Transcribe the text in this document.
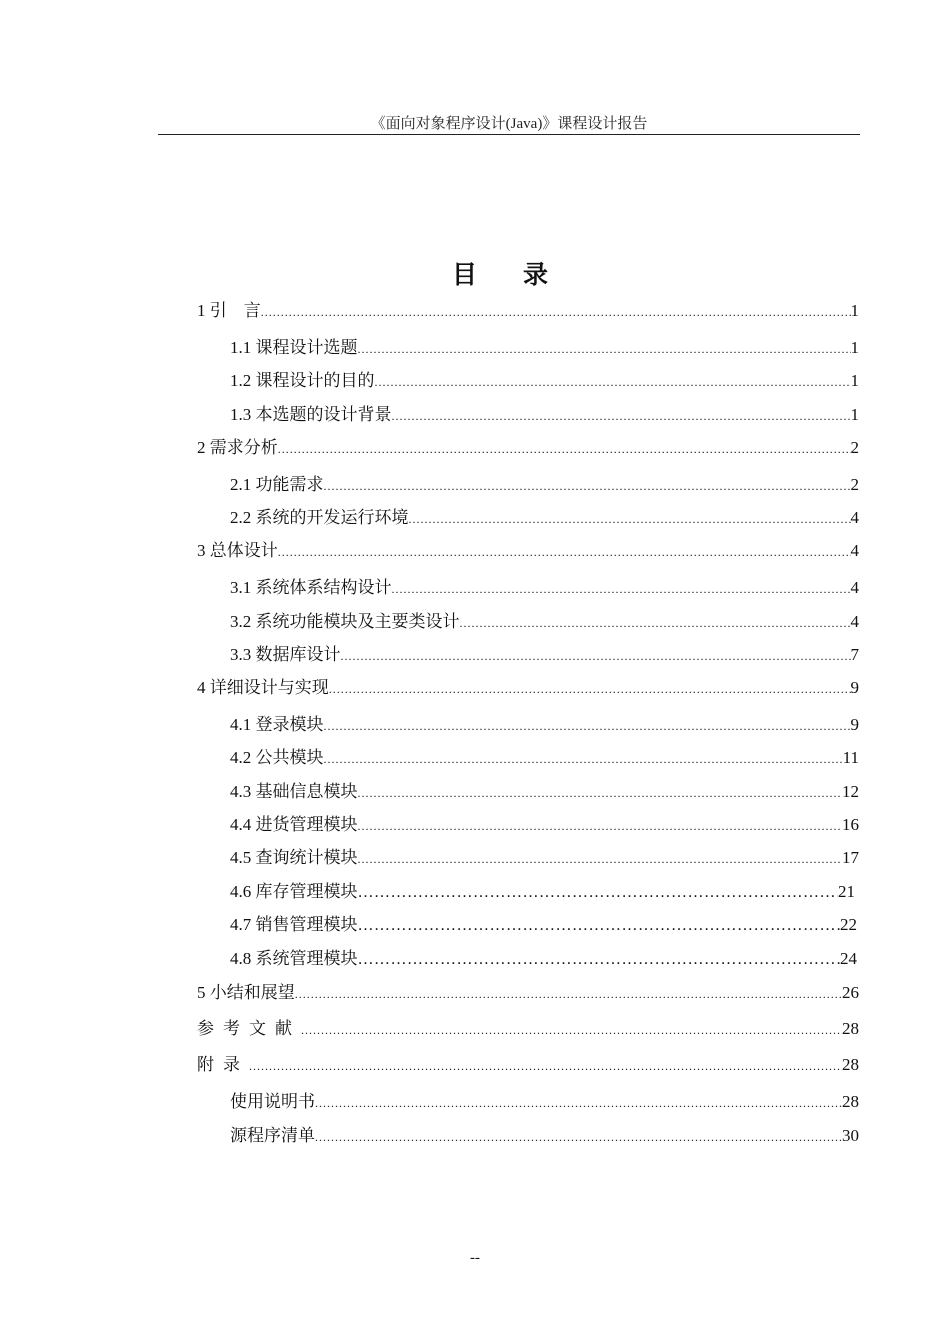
《面向对象程序设计(Java)》课程设计报告
目录
1 引　言 .....	1
1.1 课程设计选题 .....	1
1.2 课程设计的目的 .....	1
1.3 本选题的设计背景 .....	1
2 需求分析 .....	2
2.1 功能需求 .....	2
2.2 系统的开发运行环境 .....	4
3 总体设计 .....	4
3.1 系统体系结构设计 .....	4
3.2 系统功能模块及主要类设计 .....	4
3.3 数据库设计 .....	7
4 详细设计与实现 .....	9
4.1 登录模块 .....	9
4.2 公共模块 .....	11
4.3 基础信息模块 .....	12
4.4 进货管理模块 .....	16
4.5 查询统计模块 .....	17
4.6 库存管理模块 ……………………………………………………………………………………………………………………………………	21
4.7 销售管理模块 ……………………………………………………………………………………………………………………………………	22
4.8 系统管理模块 ……………………………………………………………………………………………………………………………………	24
5 小结和展望 .....	26
参考文献 .....	28
附录 .....	28
使用说明书 .....	28
源程序清单 .....	30
--
